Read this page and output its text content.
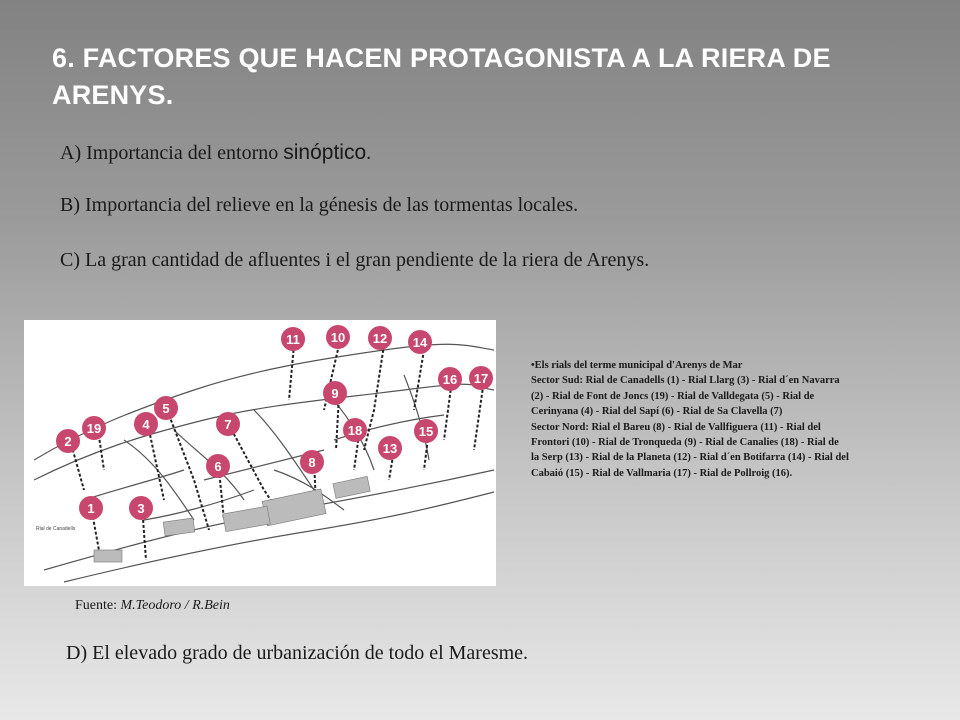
6. FACTORES QUE HACEN PROTAGONISTA A LA RIERA DE ARENYS.
A) Importancia del entorno sinóptico.
B) Importancia del relieve en la génesis de las tormentas locales.
C) La gran cantidad de afluentes i el gran pendiente de la riera de Arenys.
1
2
3
4
5
6
7
8
9
10
11	12
13
14
15
16 17
18
19
Rial de Canadells
•Els rials del terme municipal d'Arenys de Mar
Sector Sud: Rial de Canadells (1) - Rial Llarg (3) - Rial d´en Navarra
(2) - Rial de Font de Joncs (19) - Rial de Valldegata (5) - Rial de
Cerinyana (4) - Rial del Sapí (6) - Rial de Sa Clavella (7)
Sector Nord: Rial el Bareu (8) - Rial de Vallfiguera (11) - Rial del
Frontori (10) - Rial de Tronqueda (9) - Rial de Canalies (18) - Rial de
la Serp (13) - Rial de la Planeta (12) - Rial d´en Botifarra (14) - Rial del
Cabaió (15) - Rial de Vallmaria (17) - Rial de Pollroig (16).
Fuente: M.Teodoro / R.Bein
D) El elevado grado de urbanización de todo el Maresme.
